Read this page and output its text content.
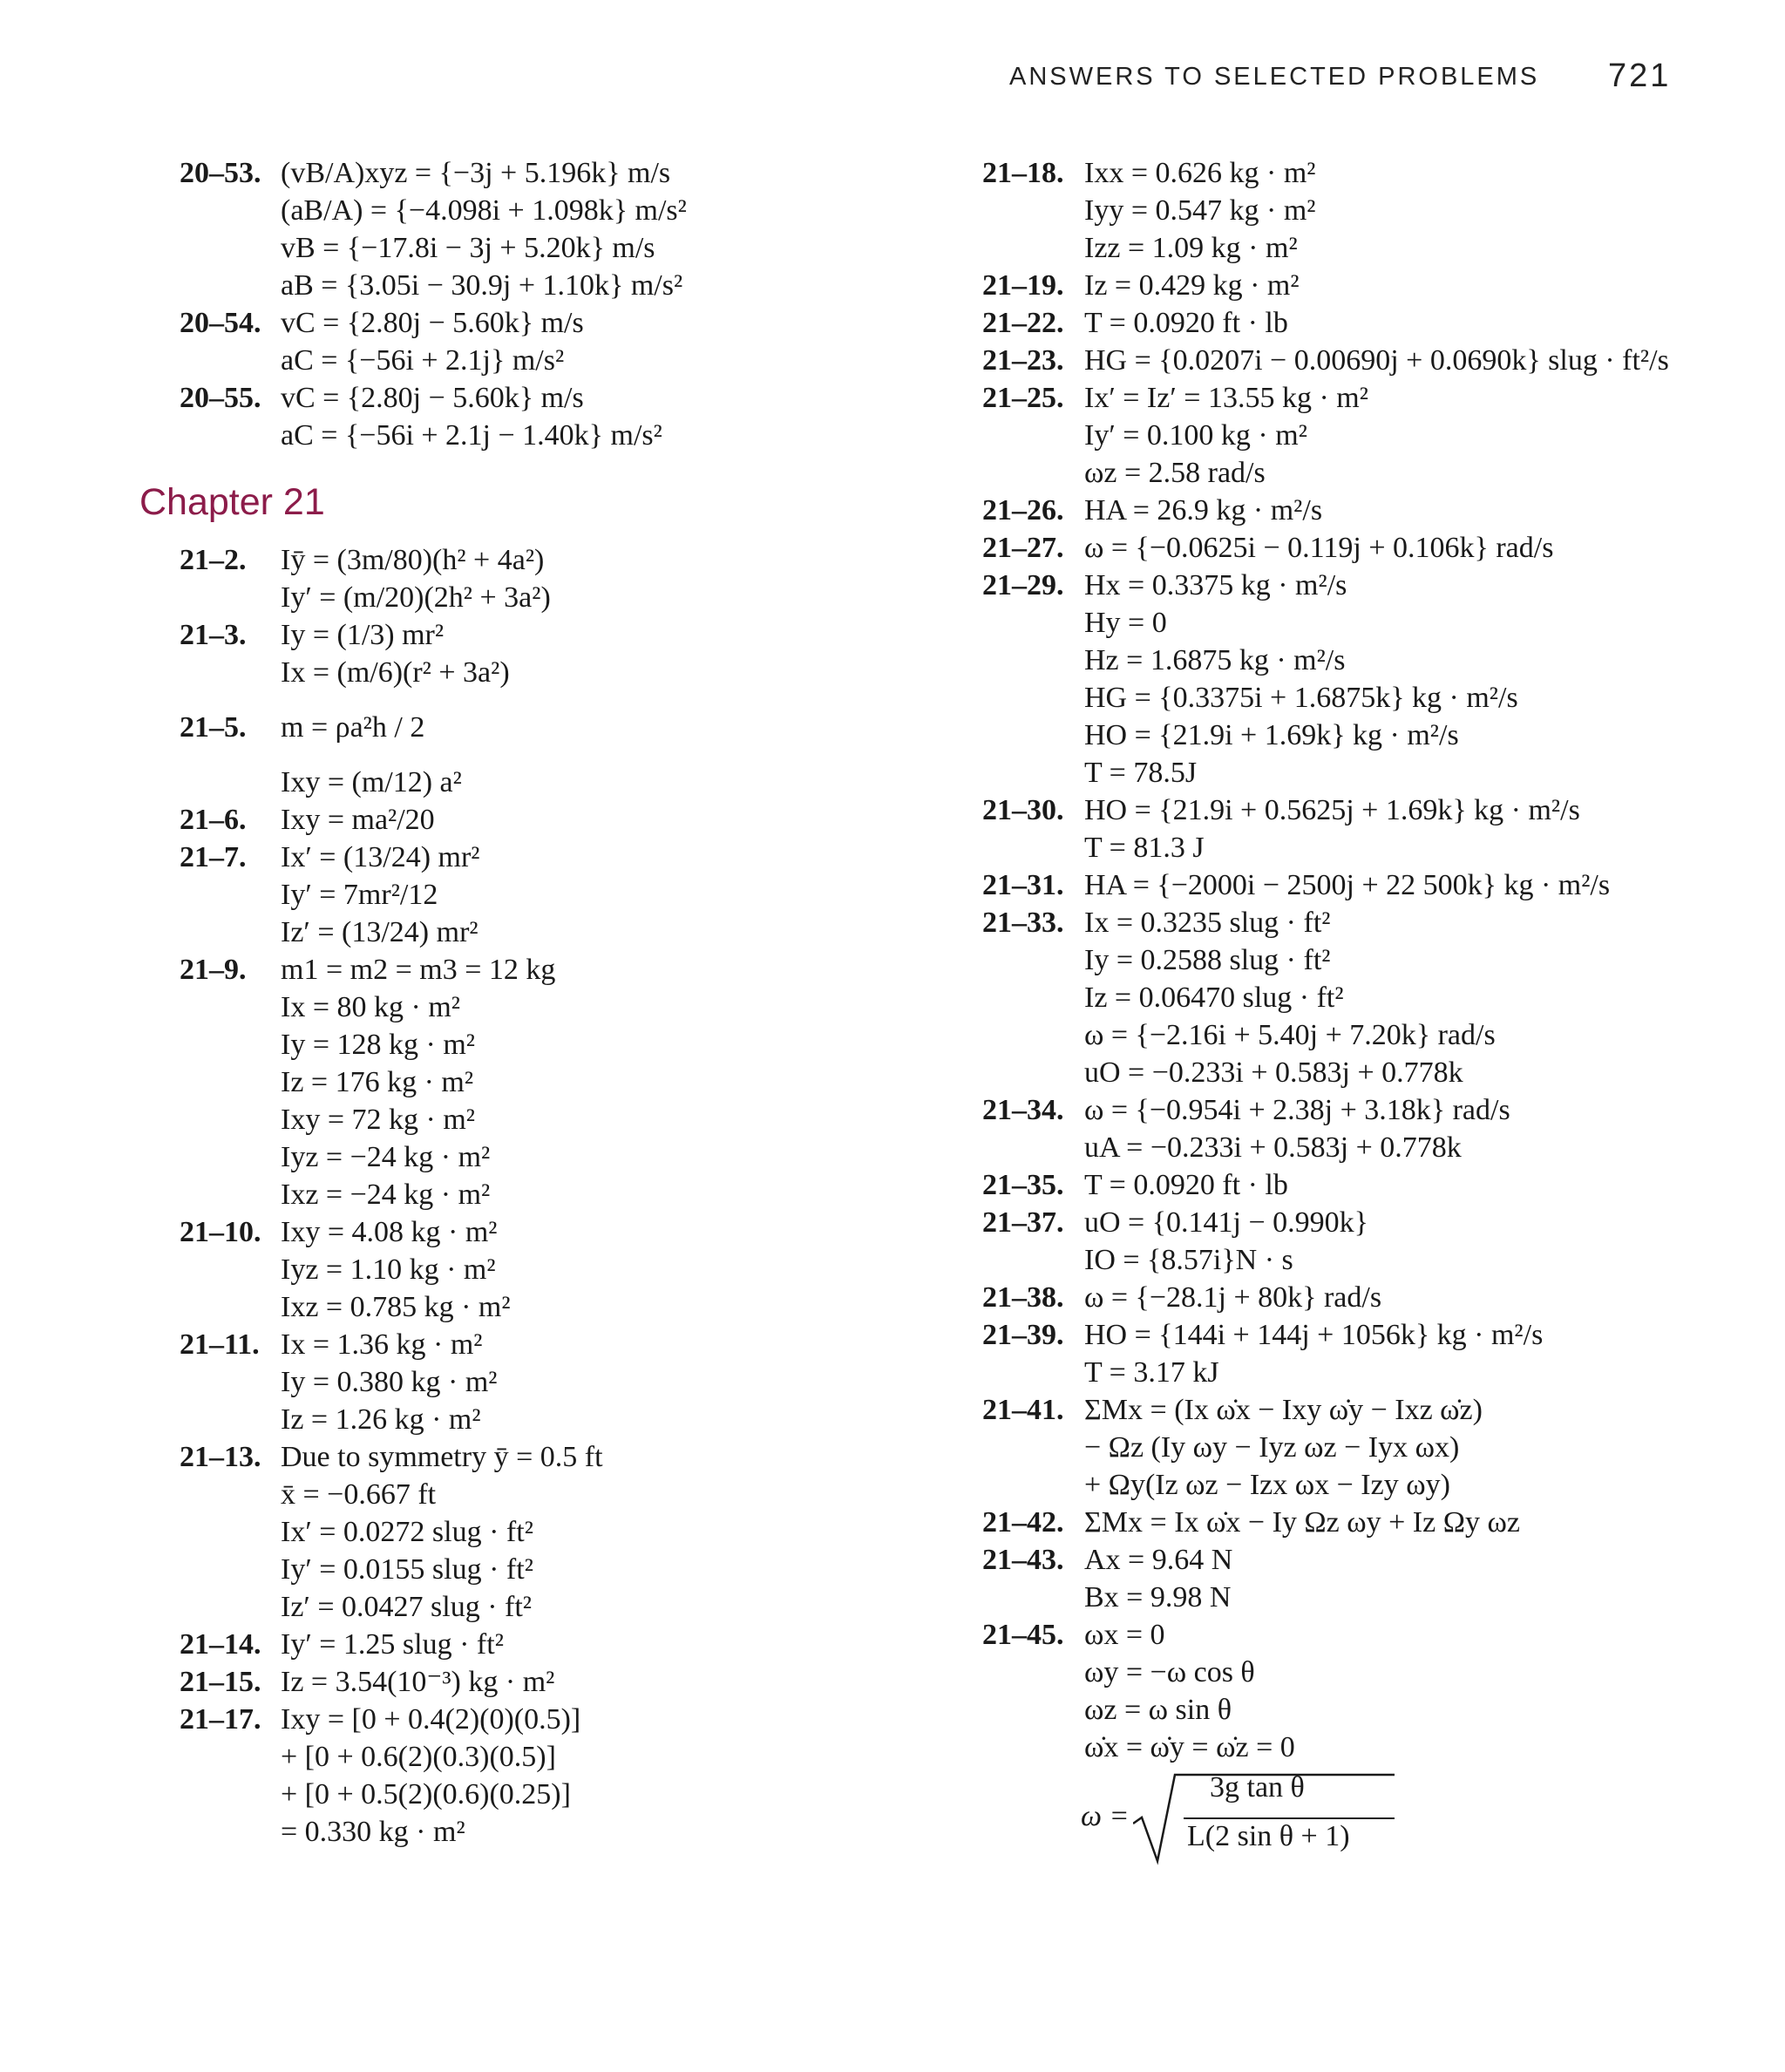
ANSWERS TO SELECTED PROBLEMS 721
Chapter 21
20–53. (vB/A)xyz = {−3j + 5.196k} m/s
(aB/A) = {−4.098i + 1.098k} m/s²
vB = {−17.8i − 3j + 5.20k} m/s
aB = {3.05i − 30.9j + 1.10k} m/s²
20–54. vC = {2.80j − 5.60k} m/s
aC = {−56i + 2.1j} m/s²
20–55. vC = {2.80j − 5.60k} m/s
aC = {−56i + 2.1j − 1.40k} m/s²
21–2. Iȳ = (3m/80)(h² + 4a²)
Iy′ = (m/20)(2h² + 3a²)
21–3. Iy = (1/3) mr²
Ix = (m/6)(r² + 3a²)
21–5. m = ρa²h / 2
Ixy = (m/12) a²
21–6. Ixy = ma²/20
21–7. Ix′ = (13/24) mr²
Iy′ = 7mr²/12
Iz′ = (13/24) mr²
21–9. m1 = m2 = m3 = 12 kg
Ix = 80 kg · m²
Iy = 128 kg · m²
Iz = 176 kg · m²
Ixy = 72 kg · m²
Iyz = −24 kg · m²
Ixz = −24 kg · m²
21–10. Ixy = 4.08 kg · m²
Iyz = 1.10 kg · m²
Ixz = 0.785 kg · m²
21–11. Ix = 1.36 kg · m²
Iy = 0.380 kg · m²
Iz = 1.26 kg · m²
21–13. Due to symmetry ȳ = 0.5 ft
x̄ = −0.667 ft
Ix′ = 0.0272 slug · ft²
Iy′ = 0.0155 slug · ft²
Iz′ = 0.0427 slug · ft²
21–14. Iy′ = 1.25 slug · ft²
21–15. Iz = 3.54(10⁻³) kg · m²
21–17. Ixy = [0 + 0.4(2)(0)(0.5)]
+ [0 + 0.6(2)(0.3)(0.5)]
+ [0 + 0.5(2)(0.6)(0.25)]
= 0.330 kg · m²
21–18. Ixx = 0.626 kg · m²
Iyy = 0.547 kg · m²
Izz = 1.09 kg · m²
21–19. Iz = 0.429 kg · m²
21–22. T = 0.0920 ft · lb
21–23. HG = {0.0207i − 0.00690j + 0.0690k} slug · ft²/s
21–25. Ix′ = Iz′ = 13.55 kg · m²
Iy′ = 0.100 kg · m²
ωz = 2.58 rad/s
21–26. HA = 26.9 kg · m²/s
21–27. ω = {−0.0625i − 0.119j + 0.106k} rad/s
21–29. Hx = 0.3375 kg · m²/s
Hy = 0
Hz = 1.6875 kg · m²/s
HG = {0.3375i + 1.6875k} kg · m²/s
HO = {21.9i + 1.69k} kg · m²/s
T = 78.5J
21–30. HO = {21.9i + 0.5625j + 1.69k} kg · m²/s
T = 81.3 J
21–31. HA = {−2000i − 2500j + 22 500k} kg · m²/s
21–33. Ix = 0.3235 slug · ft²
Iy = 0.2588 slug · ft²
Iz = 0.06470 slug · ft²
ω = {−2.16i + 5.40j + 7.20k} rad/s
uO = −0.233i + 0.583j + 0.778k
21–34. ω = {−0.954i + 2.38j + 3.18k} rad/s
uA = −0.233i + 0.583j + 0.778k
21–35. T = 0.0920 ft · lb
21–37. uO = {0.141j − 0.990k}
IO = {8.57i}N · s
21–38. ω = {−28.1j + 80k} rad/s
21–39. HO = {144i + 144j + 1056k} kg · m²/s
T = 3.17 kJ
21–41. ΣMx = (Ix ω̇x − Ixy ω̇y − Ixz ω̇z)
− Ωz (Iy ωy − Iyz ωz − Iyx ωx)
+ Ωy(Iz ωz − Izx ωx − Izy ωy)
21–42. ΣMx = Ix ω̇x − Iy Ωz ωy + Iz Ωy ωz
21–43. Ax = 9.64 N
Bx = 9.98 N
21–45. ωx = 0
ωy = −ω cos θ
ωz = ω sin θ
ω̇x = ω̇y = ω̇z = 0
ω =
3g tan θ
L(2 sin θ + 1)
